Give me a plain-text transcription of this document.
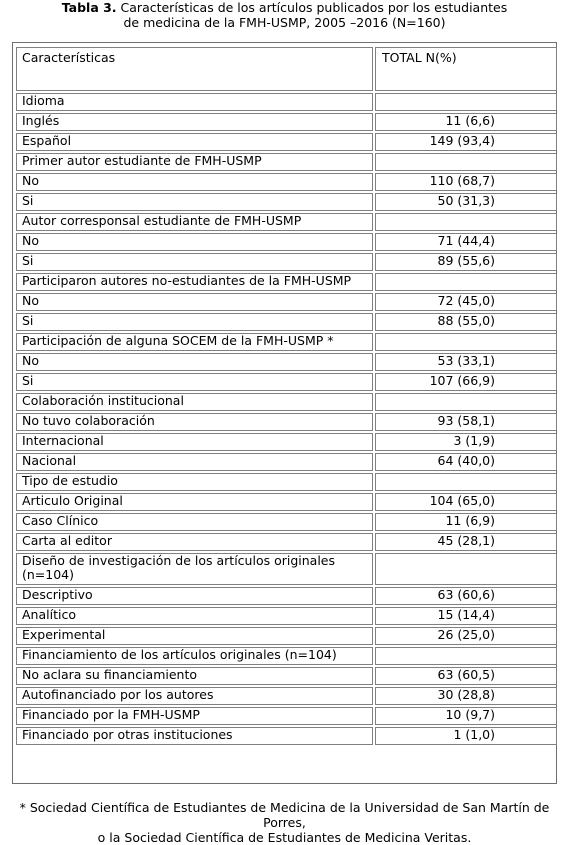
Tabla 3. Características de los artículos publicados por los estudiantes
de medicina de la FMH-USMP, 2005 –2016 (N=160)
Características	TOTAL N(%)
Idioma	
Inglés	11 (6,6)
Español	149 (93,4)
Primer autor estudiante de FMH-USMP	
No	110 (68,7)
Si	50 (31,3)
Autor corresponsal estudiante de FMH-USMP	
No	71 (44,4)
Si	89 (55,6)
Participaron autores no-estudiantes de la FMH-USMP	
No	72 (45,0)
Si	88 (55,0)
Participación de alguna SOCEM de la FMH-USMP *	
No	53 (33,1)
Si	107 (66,9)
Colaboración institucional	
No tuvo colaboración	93 (58,1)
Internacional	3 (1,9)
Nacional	64 (40,0)
Tipo de estudio	
Articulo Original	104 (65,0)
Caso Clínico	11 (6,9)
Carta al editor	45 (28,1)
Diseño de investigación de los artículos originales (n=104)	
Descriptivo	63 (60,6)
Analítico	15 (14,4)
Experimental	26 (25,0)
Financiamiento de los artículos originales (n=104)	
No aclara su financiamiento	63 (60,5)
Autofinanciado por los autores	30 (28,8)
Financiado por la FMH-USMP	10 (9,7)
Financiado por otras instituciones	1 (1,0)
* Sociedad Científica de Estudiantes de Medicina de la Universidad de San Martín de Porres,
o la Sociedad Científica de Estudiantes de Medicina Veritas.
